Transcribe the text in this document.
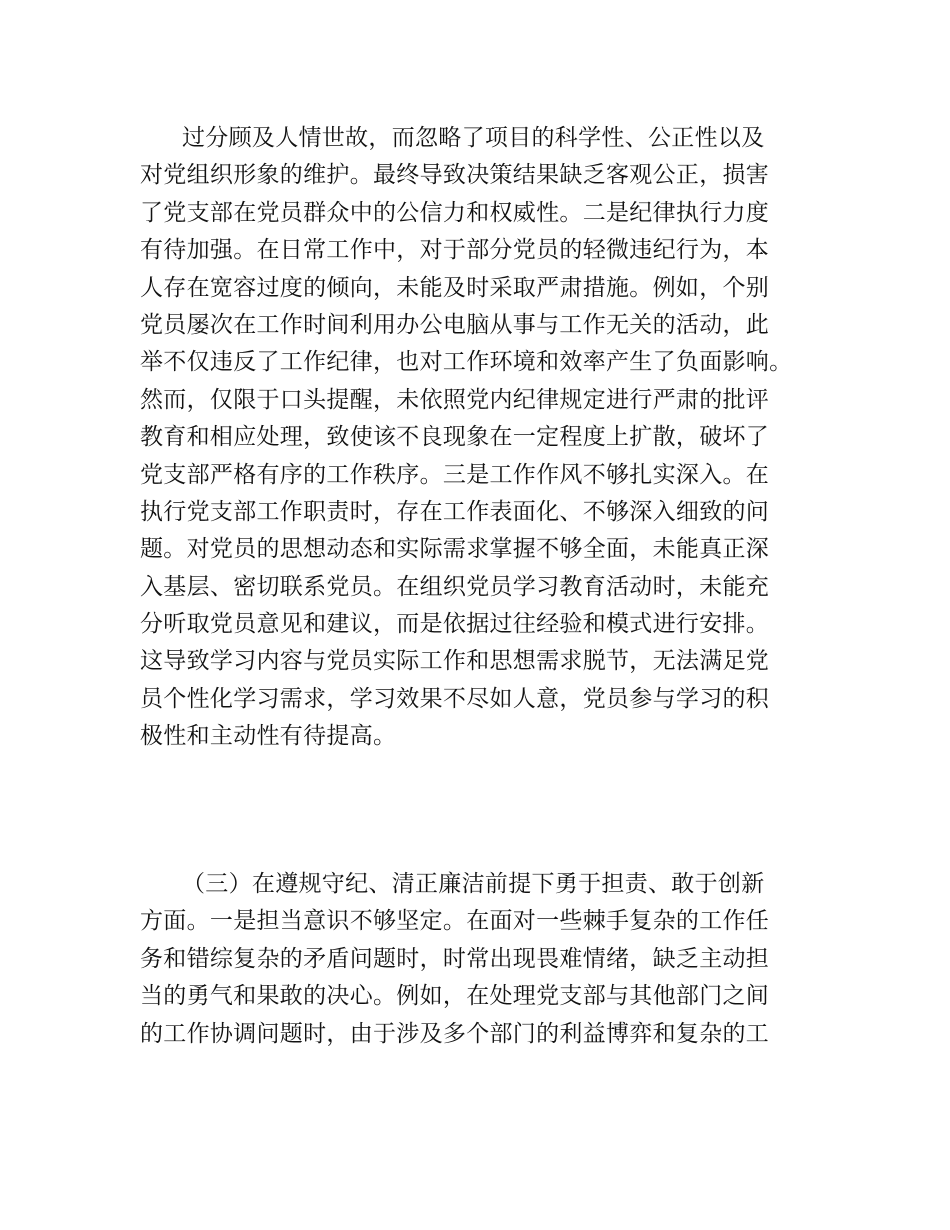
过分顾及人情世故，而忽略了项目的科学性、公正性以及
对党组织形象的维护。最终导致决策结果缺乏客观公正，损害
了党支部在党员群众中的公信力和权威性。二是纪律执行力度
有待加强。在日常工作中，对于部分党员的轻微违纪行为，本
人存在宽容过度的倾向，未能及时采取严肃措施。例如，个别
党员屡次在工作时间利用办公电脑从事与工作无关的活动，此
举不仅违反了工作纪律，也对工作环境和效率产生了负面影响。
然而，仅限于口头提醒，未依照党内纪律规定进行严肃的批评
教育和相应处理，致使该不良现象在一定程度上扩散，破坏了
党支部严格有序的工作秩序。三是工作作风不够扎实深入。在
执行党支部工作职责时，存在工作表面化、不够深入细致的问
题。对党员的思想动态和实际需求掌握不够全面，未能真正深
入基层、密切联系党员。在组织党员学习教育活动时，未能充
分听取党员意见和建议，而是依据过往经验和模式进行安排。
这导致学习内容与党员实际工作和思想需求脱节，无法满足党
员个性化学习需求，学习效果不尽如人意，党员参与学习的积
极性和主动性有待提高。
（三）在遵规守纪、清正廉洁前提下勇于担责、敢于创新
方面。一是担当意识不够坚定。在面对一些棘手复杂的工作任
务和错综复杂的矛盾问题时，时常出现畏难情绪，缺乏主动担
当的勇气和果敢的决心。例如，在处理党支部与其他部门之间
的工作协调问题时，由于涉及多个部门的利益博弈和复杂的工
